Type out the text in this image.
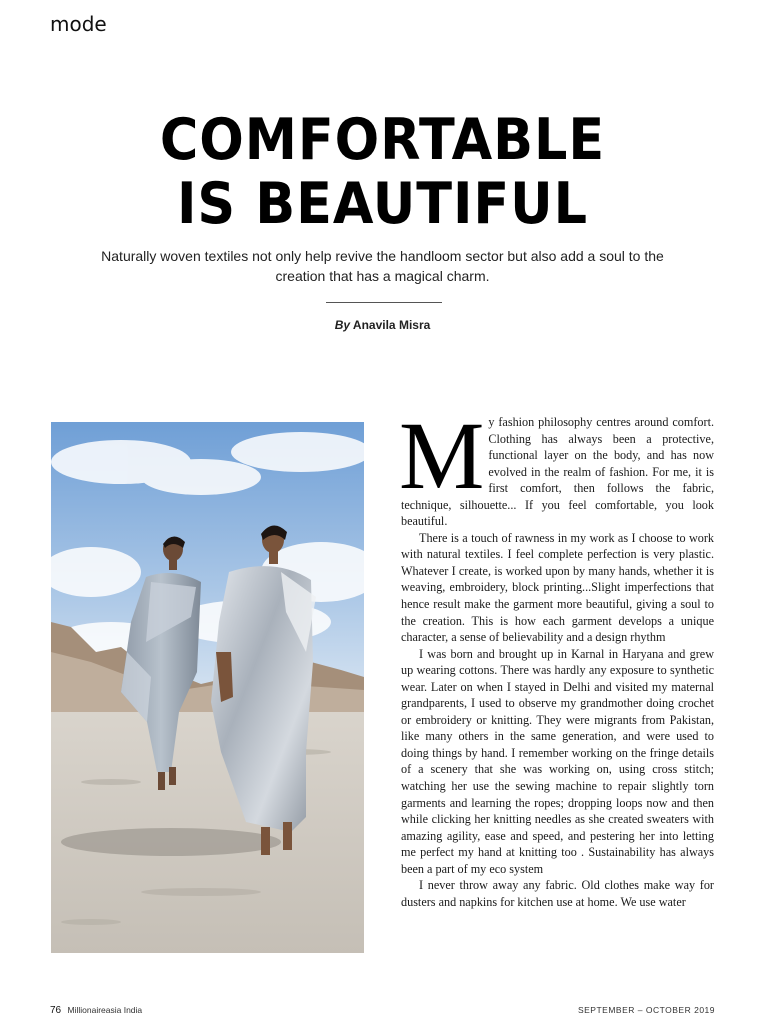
mode
COMFORTABLE
IS BEAUTIFUL
Naturally woven textiles not only help revive the handloom sector but also add a soul to the creation that has a magical charm.
By Anavila Misra

My fashion philosophy centres around comfort. Clothing has always been a protective, functional layer on the body, and has now evolved in the realm of fashion. For me, it is first comfort, then follows the fabric, technique, silhouette... If you feel comfortable, you look beautiful.

There is a touch of rawness in my work as I choose to work with natural textiles. I feel complete perfection is very plastic. Whatever I create, is worked upon by many hands, whether it is weaving, embroidery, block printing...Slight imperfections that hence result make the garment more beautiful, giving a soul to the creation. This is how each garment develops a unique character, a sense of believability and a design rhythm

I was born and brought up in Karnal in Haryana and grew up wearing cottons. There was hardly any exposure to synthetic wear. Later on when I stayed in Delhi and visited my maternal grandparents, I used to observe my grandmother doing crochet or embroidery or knitting. They were migrants from Pakistan, like many others in the same generation, and were used to doing things by hand. I remember working on the fringe details of a scenery that she was working on, using cross stitch; watching her use the sewing machine to repair slightly torn garments and learning the ropes; dropping loops now and then while clicking her knitting needles as she created sweaters with amazing agility, ease and speed, and pestering her into letting me perfect my hand at knitting too . Sustainability has always been a part of my eco system

I never throw away any fabric. Old clothes make way for dusters and napkins for kitchen use at home. We use water

76 Millionaireasia India	SEPTEMBER – OCTOBER 2019
